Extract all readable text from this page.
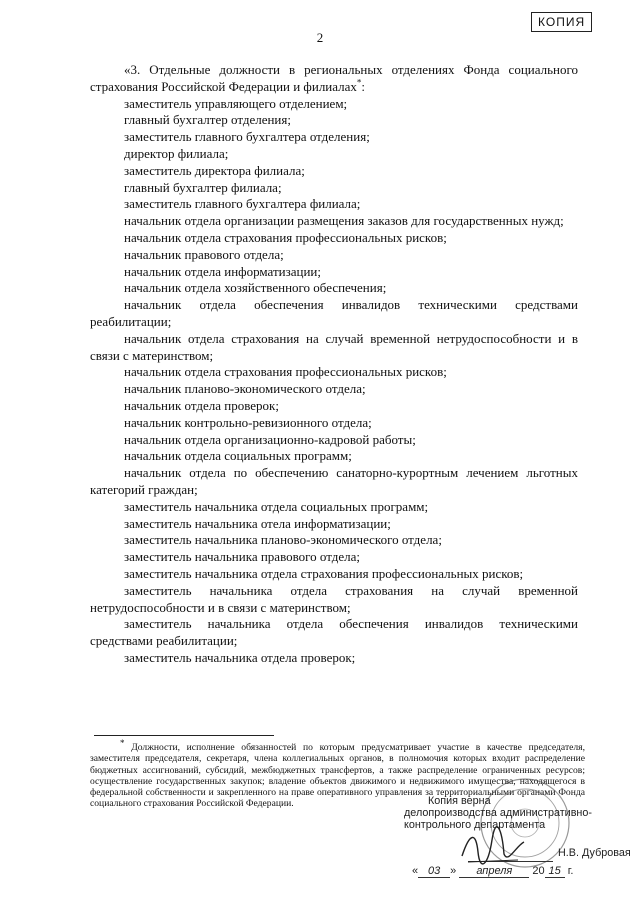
КОПИЯ
2

«3. Отдельные должности в региональных отделениях Фонда социального страхования Российской Федерации и филиалах*:

заместитель управляющего отделением;

главный бухгалтер отделения;

заместитель главного бухгалтера отделения;

директор филиала;

заместитель директора филиала;

главный бухгалтер филиала;

заместитель главного бухгалтера филиала;

начальник отдела организации размещения заказов для государственных нужд;

начальник отдела страхования профессиональных рисков;

начальник правового отдела;

начальник отдела информатизации;

начальник отдела хозяйственного обеспечения;

начальник отдела обеспечения инвалидов техническими средствами реабилитации;

начальник отдела страхования на случай временной нетрудоспособности и в связи с материнством;

начальник отдела страхования профессиональных рисков;

начальник планово-экономического отдела;

начальник отдела проверок;

начальник контрольно-ревизионного отдела;

начальник отдела организационно-кадровой работы;

начальник отдела социальных программ;

начальник отдела по обеспечению санаторно-курортным лечением льготных категорий граждан;

заместитель начальника отдела социальных программ;

заместитель начальника отела информатизации;

заместитель начальника планово-экономического отдела;

заместитель начальника правового отдела;

заместитель начальника отдела страхования профессиональных рисков;

заместитель начальника отдела страхования на случай временной нетрудоспособности и в связи с материнством;

заместитель начальника отдела обеспечения инвалидов техническими средствами реабилитации;

заместитель начальника отдела проверок;

* Должности, исполнение обязанностей по которым предусматривает участие в качестве председателя, заместителя председателя, секретаря, члена коллегиальных органов, в полномочия которых входит распределение бюджетных ассигнований, субсидий, межбюджетных трансфертов, а также распределение ограниченных ресурсов; осуществление государственных закупок; владение объектов движимого и недвижимого имущества, находящегося в федеральной собственности и закрепленного на праве оперативного управления за территориальными органами Фонда социального страхования Российской Федерации.	Копия верна
делопроизводства административно-
контрольного департамента
Н.В. Дубровая
« 03 » апреля 20 15 г.
